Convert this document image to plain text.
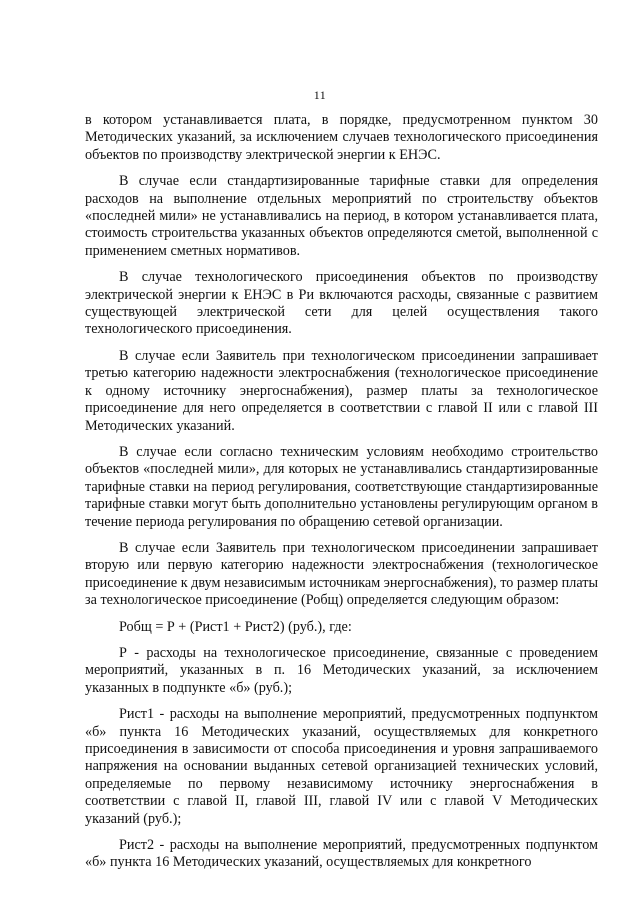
11

в котором устанавливается плата, в порядке, предусмотренном пунктом 30 Методических указаний, за исключением случаев технологического присоединения объектов по производству электрической энергии к ЕНЭС.

В случае если стандартизированные тарифные ставки для определения расходов на выполнение отдельных мероприятий по строительству объектов «последней мили» не устанавливались на период, в котором устанавливается плата, стоимость строительства указанных объектов определяются сметой, выполненной с применением сметных нормативов.

В случае технологического присоединения объектов по производству электрической энергии к ЕНЭС в Ри включаются расходы, связанные с развитием существующей электрической сети для целей осуществления такого технологического присоединения.

В случае если Заявитель при технологическом присоединении запрашивает третью категорию надежности электроснабжения (технологическое присоединение к одному источнику энергоснабжения), размер платы за технологическое присоединение для него определяется в соответствии с главой II или с главой III Методических указаний.

В случае если согласно техническим условиям необходимо строительство объектов «последней мили», для которых не устанавливались стандартизированные тарифные ставки на период регулирования, соответствующие стандартизированные тарифные ставки могут быть дополнительно установлены регулирующим органом в течение периода регулирования по обращению сетевой организации.

В случае если Заявитель при технологическом присоединении запрашивает вторую или первую категорию надежности электроснабжения (технологическое присоединение к двум независимым источникам энергоснабжения), то размер платы за технологическое присоединение (Робщ) определяется следующим образом:

Робщ = Р + (Рист1 + Рист2) (руб.), где:

Р - расходы на технологическое присоединение, связанные с проведением мероприятий, указанных в п. 16 Методических указаний, за исключением указанных в подпункте «б» (руб.);

Рист1 - расходы на выполнение мероприятий, предусмотренных подпунктом «б» пункта 16 Методических указаний, осуществляемых для конкретного присоединения в зависимости от способа присоединения и уровня запрашиваемого напряжения на основании выданных сетевой организацией технических условий, определяемые по первому независимому источнику энергоснабжения в соответствии с главой II, главой III, главой IV или с главой V Методических указаний (руб.);

Рист2 - расходы на выполнение мероприятий, предусмотренных подпунктом «б» пункта 16 Методических указаний, осуществляемых для конкретного
